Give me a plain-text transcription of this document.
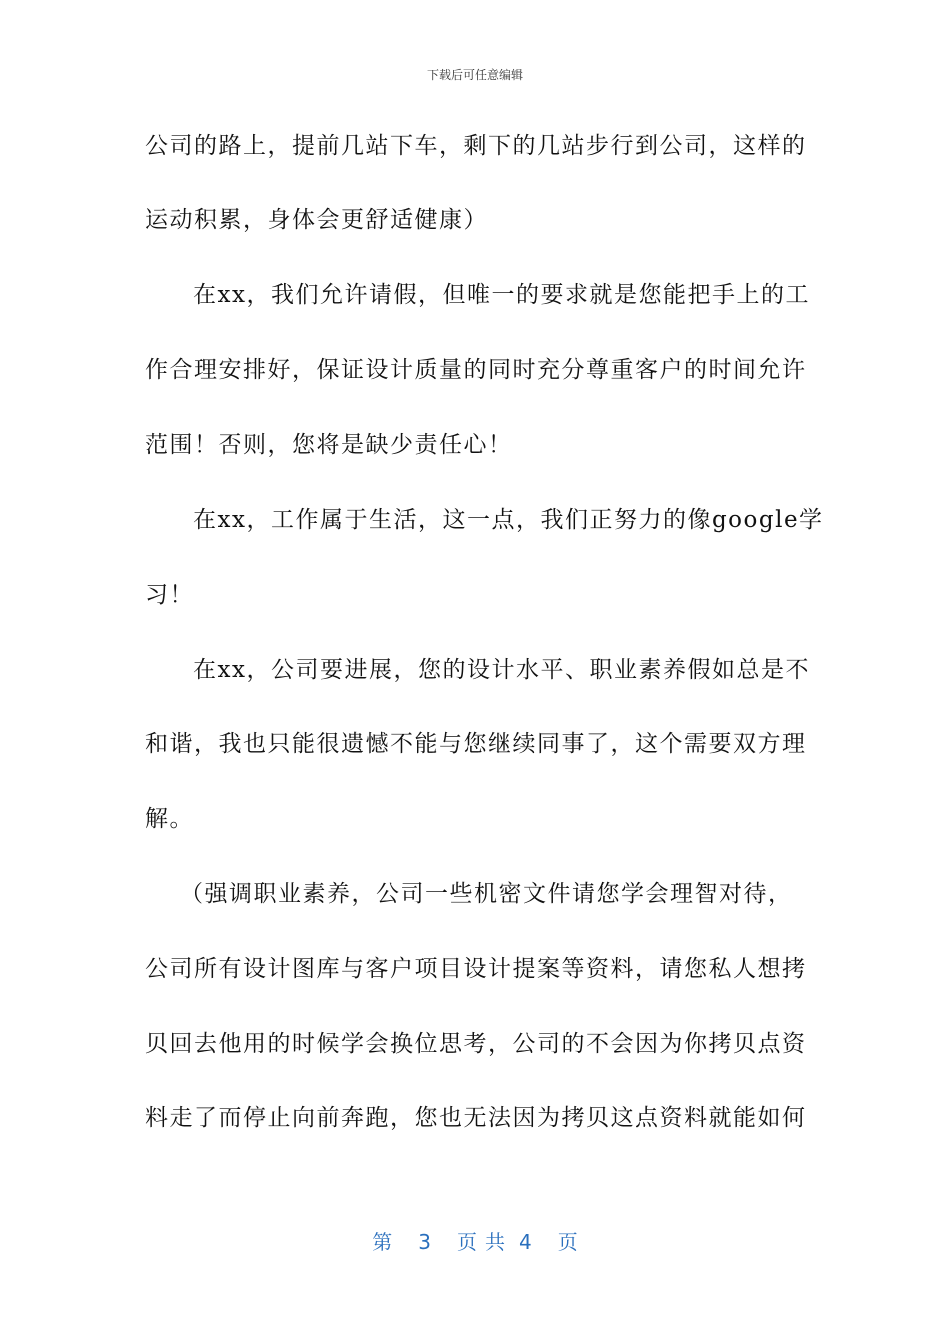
下载后可任意编辑
公司的路上，提前几站下车，剩下的几站步行到公司，这样的
运动积累，身体会更舒适健康）
在xx，我们允许请假，但唯一的要求就是您能把手上的工
作合理安排好，保证设计质量的同时充分尊重客户的时间允许
范围！否则，您将是缺少责任心！
在xx，工作属于生活，这一点，我们正努力的像google学
习！
在xx，公司要进展，您的设计水平、职业素养假如总是不
和谐，我也只能很遗憾不能与您继续同事了，这个需要双方理
解。
（强调职业素养，公司一些机密文件请您学会理智对待，
公司所有设计图库与客户项目设计提案等资料，请您私人想拷
贝回去他用的时候学会换位思考，公司的不会因为你拷贝点资
料走了而停止向前奔跑，您也无法因为拷贝这点资料就能如何
第 3 页共 4 页
